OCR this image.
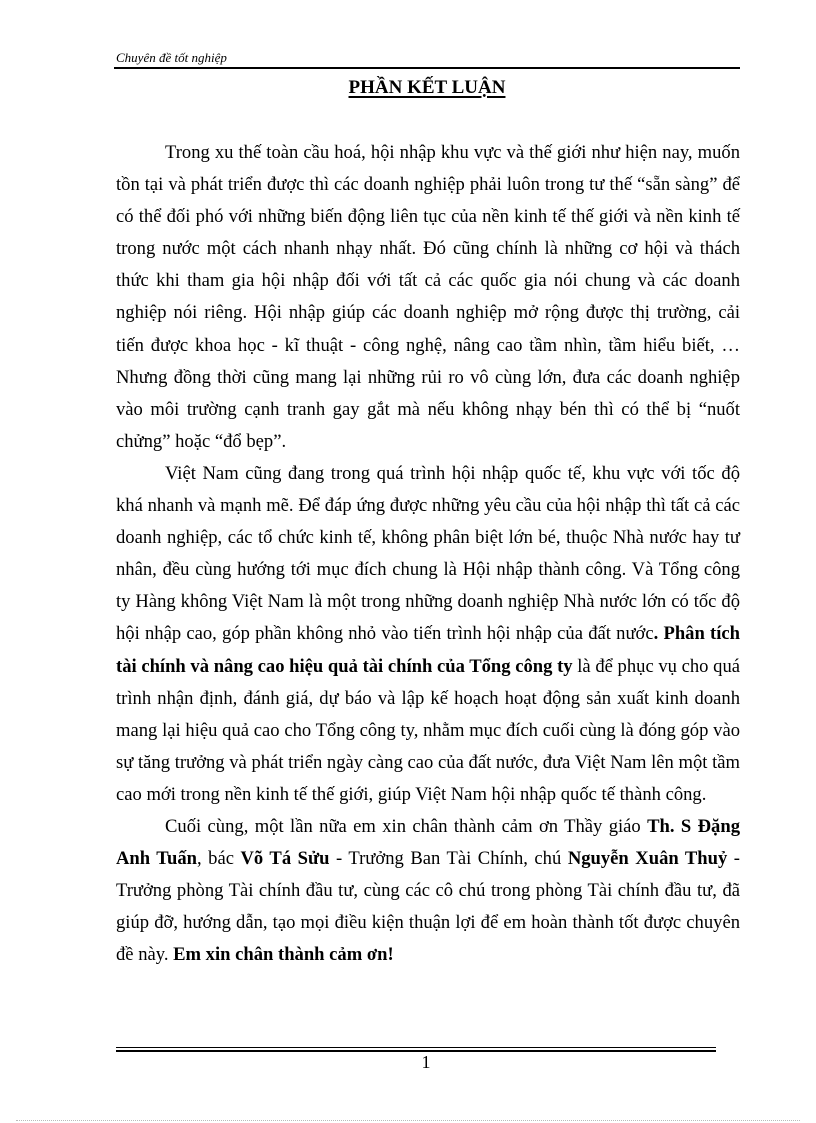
Chuyên đề tốt nghiệp
PHẦN KẾT LUẬN

Trong xu thế toàn cầu hoá, hội nhập khu vực và thế giới như hiện nay, muốn tồn tại và phát triển được thì các doanh nghiệp phải luôn trong tư thế “sẵn sàng” để có thể đối phó với những biến động liên tục của nền kinh tế thế giới và nền kinh tế trong nước một cách nhanh nhạy nhất. Đó cũng chính là những cơ hội và thách thức khi tham gia hội nhập đối với tất cả các quốc gia nói chung và các doanh nghiệp nói riêng. Hội nhập giúp các doanh nghiệp mở rộng được thị trường, cải tiến được khoa học - kĩ thuật - công nghệ, nâng cao tầm nhìn, tầm hiểu biết, …Nhưng đồng thời cũng mang lại những rủi ro vô cùng lớn, đưa các doanh nghiệp vào môi trường cạnh tranh gay gắt mà nếu không nhạy bén thì có thể bị “nuốt chửng” hoặc “đổ bẹp”.

Việt Nam cũng đang trong quá trình hội nhập quốc tế, khu vực với tốc độ khá nhanh và mạnh mẽ. Để đáp ứng được những yêu cầu của hội nhập thì tất cả các doanh nghiệp, các tổ chức kinh tế, không phân biệt lớn bé, thuộc Nhà nước hay tư nhân, đều cùng hướng tới mục đích chung là Hội nhập thành công. Và Tổng công ty Hàng không Việt Nam là một trong những doanh nghiệp Nhà nước lớn có tốc độ hội nhập cao, góp phần không nhỏ vào tiến trình hội nhập của đất nước. Phân tích tài chính và nâng cao hiệu quả tài chính của Tổng công ty là để phục vụ cho quá trình nhận định, đánh giá, dự báo và lập kế hoạch hoạt động sản xuất kinh doanh mang lại hiệu quả cao cho Tổng công ty, nhằm mục đích cuối cùng là đóng góp vào sự tăng trưởng và phát triển ngày càng cao của đất nước, đưa Việt Nam lên một tầm cao mới trong nền kinh tế thế giới, giúp Việt Nam hội nhập quốc tế thành công.

Cuối cùng, một lần nữa em xin chân thành cảm ơn Thầy giáo Th. S Đặng Anh Tuấn, bác Võ Tá Sửu - Trưởng Ban Tài Chính, chú Nguyễn Xuân Thuỷ - Trưởng phòng Tài chính đầu tư, cùng các cô chú trong phòng Tài chính đầu tư, đã giúp đỡ, hướng dẫn, tạo mọi điều kiện thuận lợi để em hoàn thành tốt được chuyên đề này. Em xin chân thành cảm ơn!

1
